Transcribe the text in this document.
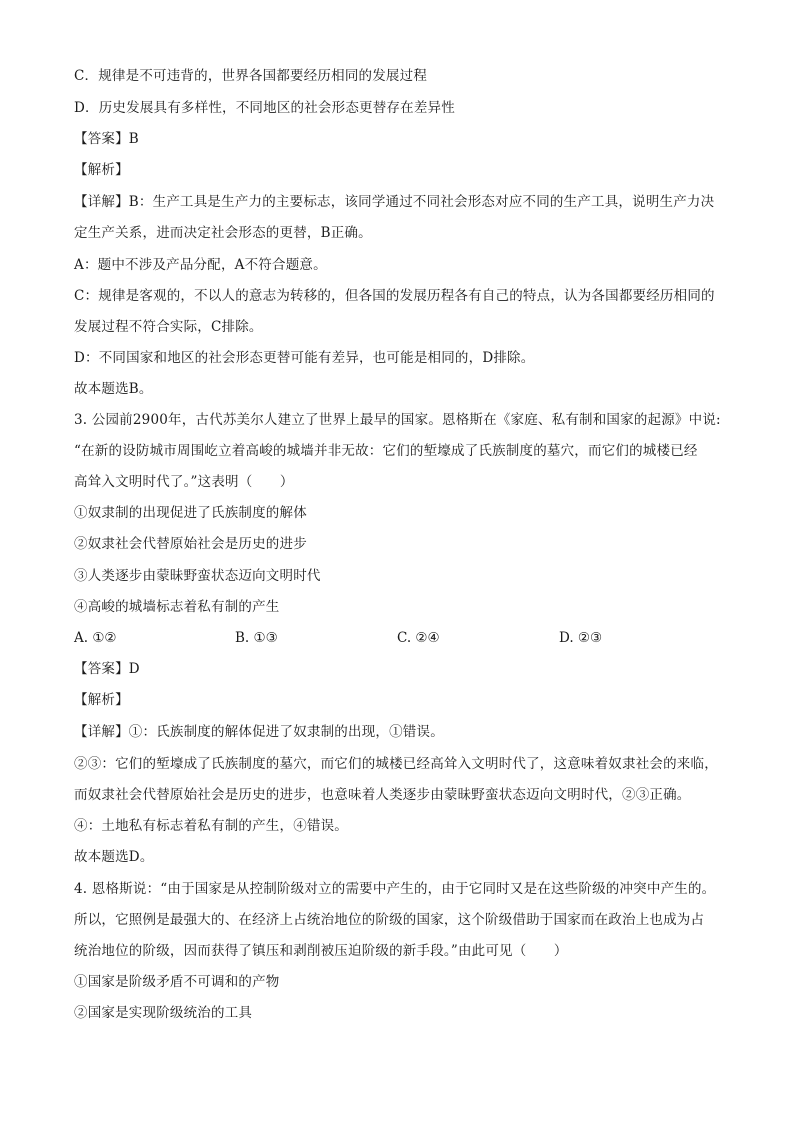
C．规律是不可违背的，世界各国都要经历相同的发展过程
D．历史发展具有多样性，不同地区的社会形态更替存在差异性
【答案】B
【解析】
【详解】B：生产工具是生产力的主要标志，该同学通过不同社会形态对应不同的生产工具，说明生产力决
定生产关系，进而决定社会形态的更替，B正确。
A：题中不涉及产品分配，A不符合题意。
C：规律是客观的，不以人的意志为转移的，但各国的发展历程各有自己的特点，认为各国都要经历相同的
发展过程不符合实际，C排除。
D：不同国家和地区的社会形态更替可能有差异，也可能是相同的，D排除。
故本题选B。
3. 公园前2900年，古代苏美尔人建立了世界上最早的国家。恩格斯在《家庭、私有制和国家的起源》中说:
“在新的设防城市周围屹立着高峻的城墙并非无故：它们的堑壕成了氏族制度的墓穴，而它们的城楼已经
高耸入文明时代了。”这表明（　　）
①奴隶制的出现促进了氏族制度的解体
②奴隶社会代替原始社会是历史的进步
③人类逐步由蒙昧野蛮状态迈向文明时代
④高峻的城墙标志着私有制的产生
A. ①②	B. ①③	C. ②④	D. ②③
【答案】D
【解析】
【详解】①：氏族制度的解体促进了奴隶制的出现，①错误。
②③：它们的堑壕成了氏族制度的墓穴，而它们的城楼已经高耸入文明时代了，这意味着奴隶社会的来临，
而奴隶社会代替原始社会是历史的进步，也意味着人类逐步由蒙昧野蛮状态迈向文明时代，②③正确。
④：土地私有标志着私有制的产生，④错误。
故本题选D。
4. 恩格斯说：“由于国家是从控制阶级对立的需要中产生的，由于它同时又是在这些阶级的冲突中产生的。
所以，它照例是最强大的、在经济上占统治地位的阶级的国家，这个阶级借助于国家而在政治上也成为占
统治地位的阶级，因而获得了镇压和剥削被压迫阶级的新手段。”由此可见（　　）
①国家是阶级矛盾不可调和的产物
②国家是实现阶级统治的工具
